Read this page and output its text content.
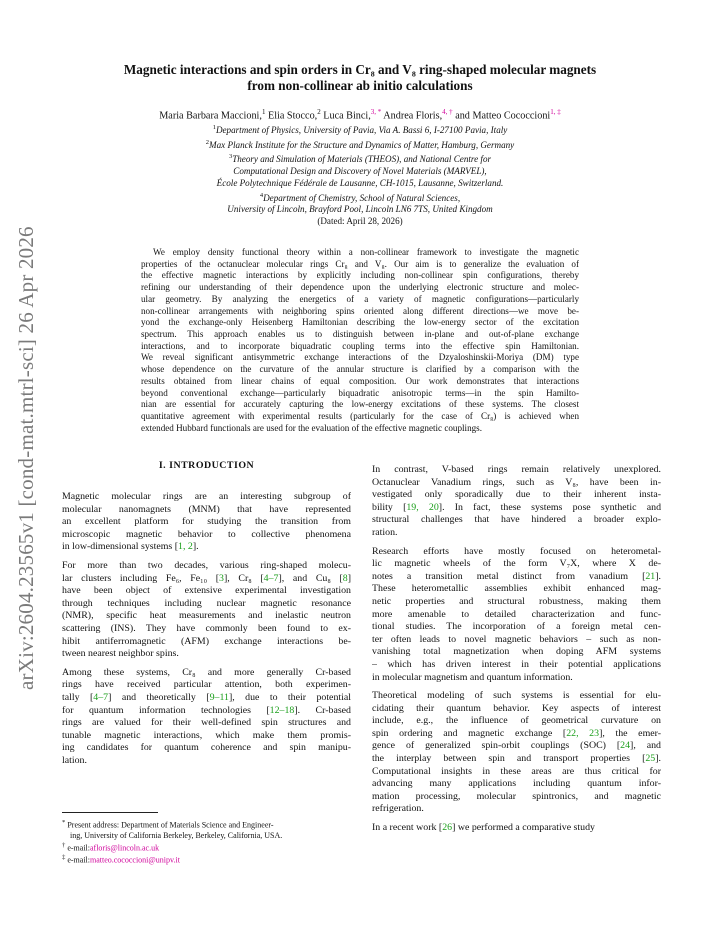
arXiv:2604.23565v1 [cond-mat.mtrl-sci] 26 Apr 2026
Magnetic interactions and spin orders in Cr₈ and V₈ ring-shaped molecular magnets
from non-collinear ab initio calculations
Maria Barbara Maccioni,$^1$ Elia Stocco,$^2$ Luca Binci,$^{3, *}$ Andrea Floris,$^{4, \dagger}$ and Matteo Cococcioni$^{1, \ddagger}$
$^1$Department of Physics, University of Pavia, Via A. Bassi 6, I-27100 Pavia, Italy
$^2$Max Planck Institute for the Structure and Dynamics of Matter, Hamburg, Germany
$^3$Theory and Simulation of Materials (THEOS), and National Centre for
Computational Design and Discovery of Novel Materials (MARVEL),
École Polytechnique Fédérale de Lausanne, CH-1015, Lausanne, Switzerland.
$^4$Department of Chemistry, School of Natural Sciences,
University of Lincoln, Brayford Pool, Lincoln LN6 7TS, United Kingdom
(Dated: April 28, 2026)
We employ density functional theory within a non-collinear framework to investigate the magnetic
properties of the octanuclear molecular rings Cr₈ and V₈. Our aim is to generalize the evaluation of
the effective magnetic interactions by explicitly including non-collinear spin configurations, thereby
refining our understanding of their dependence upon the underlying electronic structure and molec-
ular geometry. By analyzing the energetics of a variety of magnetic configurations—particularly
non-collinear arrangements with neighboring spins oriented along different directions—we move be-
yond the exchange-only Heisenberg Hamiltonian describing the low-energy sector of the excitation
spectrum. This approach enables us to distinguish between in-plane and out-of-plane exchange
interactions, and to incorporate biquadratic coupling terms into the effective spin Hamiltonian.
We reveal significant antisymmetric exchange interactions of the Dzyaloshinskii-Moriya (DM) type
whose dependence on the curvature of the annular structure is clarified by a comparison with the
results obtained from linear chains of equal composition. Our work demonstrates that interactions
beyond conventional exchange—particularly biquadratic anisotropic terms—in the spin Hamilto-
nian are essential for accurately capturing the low-energy excitations of these systems. The closest
quantitative agreement with experimental results (particularly for the case of Cr₈) is achieved when
extended Hubbard functionals are used for the evaluation of the effective magnetic couplings.
I. INTRODUCTION
Magnetic molecular rings are an interesting subgroup of
molecular nanomagnets (MNM) that have represented
an excellent platform for studying the transition from
microscopic magnetic behavior to collective phenomena
in low-dimensional systems [1, 2].
For more than two decades, various ring-shaped molecu-
lar clusters including Fe₆, Fe₁₀ [3], Cr₈ [4–7], and Cu₈ [8]
have been object of extensive experimental investigation
through techniques including nuclear magnetic resonance
(NMR), specific heat measurements and inelastic neutron
scattering (INS). They have commonly been found to ex-
hibit antiferromagnetic (AFM) exchange interactions be-
tween nearest neighbor spins.
Among these systems, Cr₈ and more generally Cr-based
rings have received particular attention, both experimen-
tally [4–7] and theoretically [9–11], due to their potential
for quantum information technologies [12–18]. Cr-based
rings are valued for their well-defined spin structures and
tunable magnetic interactions, which make them promis-
ing candidates for quantum coherence and spin manipu-
lation.
In contrast, V-based rings remain relatively unexplored.
Octanuclear Vanadium rings, such as V₈, have been in-
vestigated only sporadically due to their inherent insta-
bility [19, 20]. In fact, these systems pose synthetic and
structural challenges that have hindered a broader explo-
ration.
Research efforts have mostly focused on heterometal-
lic magnetic wheels of the form V₇X, where X de-
notes a transition metal distinct from vanadium [21].
These heterometallic assemblies exhibit enhanced mag-
netic properties and structural robustness, making them
more amenable to detailed characterization and func-
tional studies. The incorporation of a foreign metal cen-
ter often leads to novel magnetic behaviors – such as non-
vanishing total magnetization when doping AFM systems
– which has driven interest in their potential applications
in molecular magnetism and quantum information.
Theoretical modeling of such systems is essential for elu-
cidating their quantum behavior. Key aspects of interest
include, e.g., the influence of geometrical curvature on
spin ordering and magnetic exchange [22, 23], the emer-
gence of generalized spin-orbit couplings (SOC) [24], and
the interplay between spin and transport properties [25].
Computational insights in these areas are thus critical for
advancing many applications including quantum infor-
mation processing, molecular spintronics, and magnetic
refrigeration.
In a recent work [26] we performed a comparative study
* Present address: Department of Materials Science and Engineer-
ing, University of California Berkeley, Berkeley, California, USA.
† e-mail:afloris@lincoln.ac.uk
‡ e-mail:matteo.cococcioni@unipv.it
